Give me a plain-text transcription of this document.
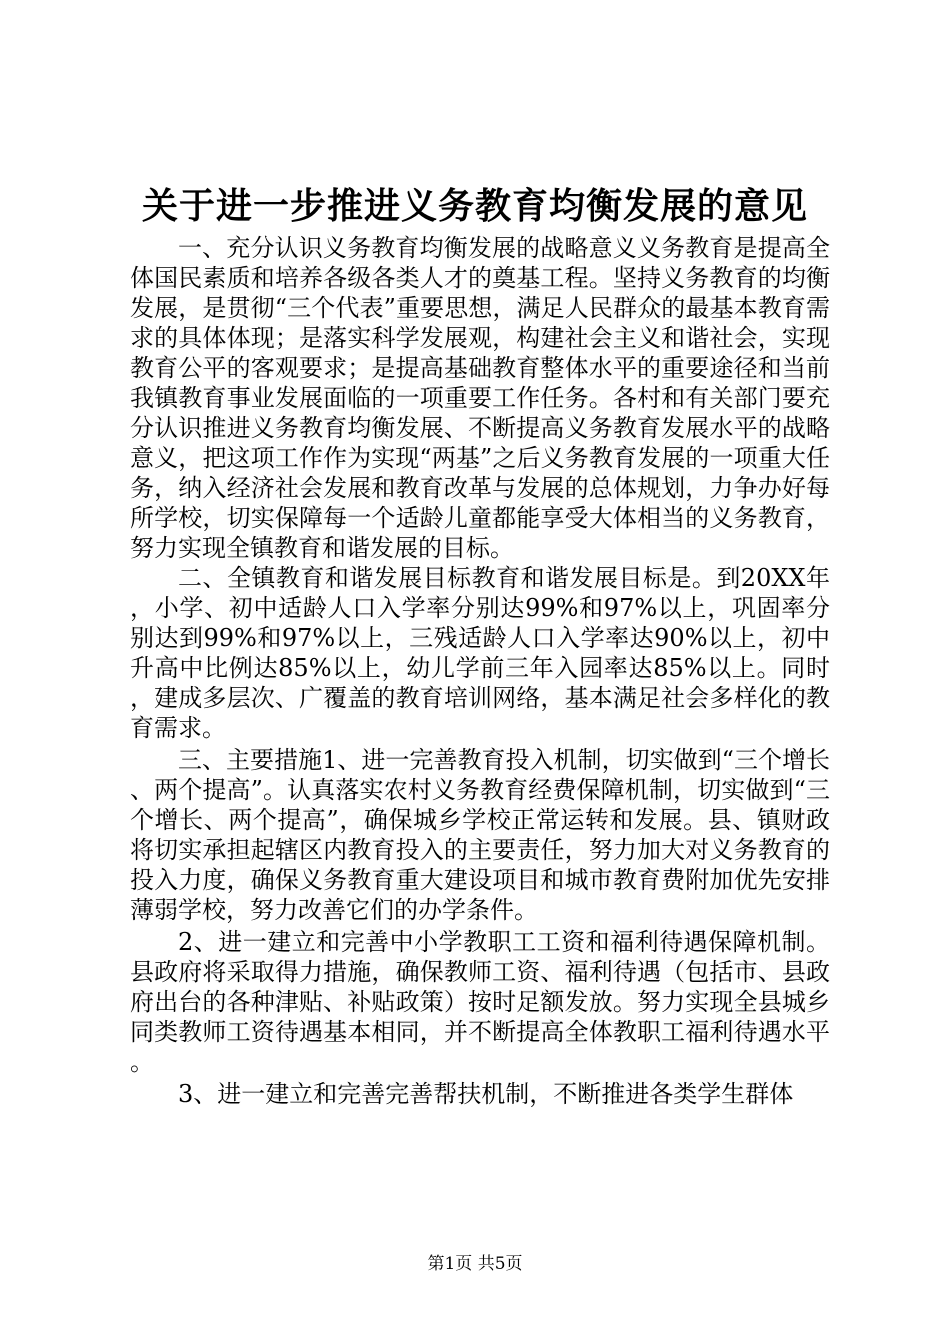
关于进一步推进义务教育均衡发展的意见

一、充分认识义务教育均衡发展的战略意义义务教育是提高全体国民素质和培养各级各类人才的奠基工程。坚持义务教育的均衡发展，是贯彻“三个代表”重要思想，满足人民群众的最基本教育需求的具体体现；是落实科学发展观，构建社会主义和谐社会，实现教育公平的客观要求；是提高基础教育整体水平的重要途径和当前我镇教育事业发展面临的一项重要工作任务。各村和有关部门要充分认识推进义务教育均衡发展、不断提高义务教育发展水平的战略意义，把这项工作作为实现“两基”之后义务教育发展的一项重大任务，纳入经济社会发展和教育改革与发展的总体规划，力争办好每所学校，切实保障每一个适龄儿童都能享受大体相当的义务教育，努力实现全镇教育和谐发展的目标。

二、全镇教育和谐发展目标教育和谐发展目标是。到20XX年，小学、初中适龄人口入学率分别达99%和97%以上，巩固率分别达到99%和97%以上，三残适龄人口入学率达90%以上，初中升高中比例达85%以上，幼儿学前三年入园率达85%以上。同时，建成多层次、广覆盖的教育培训网络，基本满足社会多样化的教育需求。

三、主要措施1、进一完善教育投入机制，切实做到“三个增长、两个提高”。认真落实农村义务教育经费保障机制，切实做到“三个增长、两个提高”，确保城乡学校正常运转和发展。县、镇财政将切实承担起辖区内教育投入的主要责任，努力加大对义务教育的投入力度，确保义务教育重大建设项目和城市教育费附加优先安排薄弱学校，努力改善它们的办学条件。

2、进一建立和完善中小学教职工工资和福利待遇保障机制。县政府将采取得力措施，确保教师工资、福利待遇（包括市、县政府出台的各种津贴、补贴政策）按时足额发放。努力实现全县城乡同类教师工资待遇基本相同，并不断提高全体教职工福利待遇水平。

3、进一建立和完善完善帮扶机制，不断推进各类学生群体

第1页 共5页
